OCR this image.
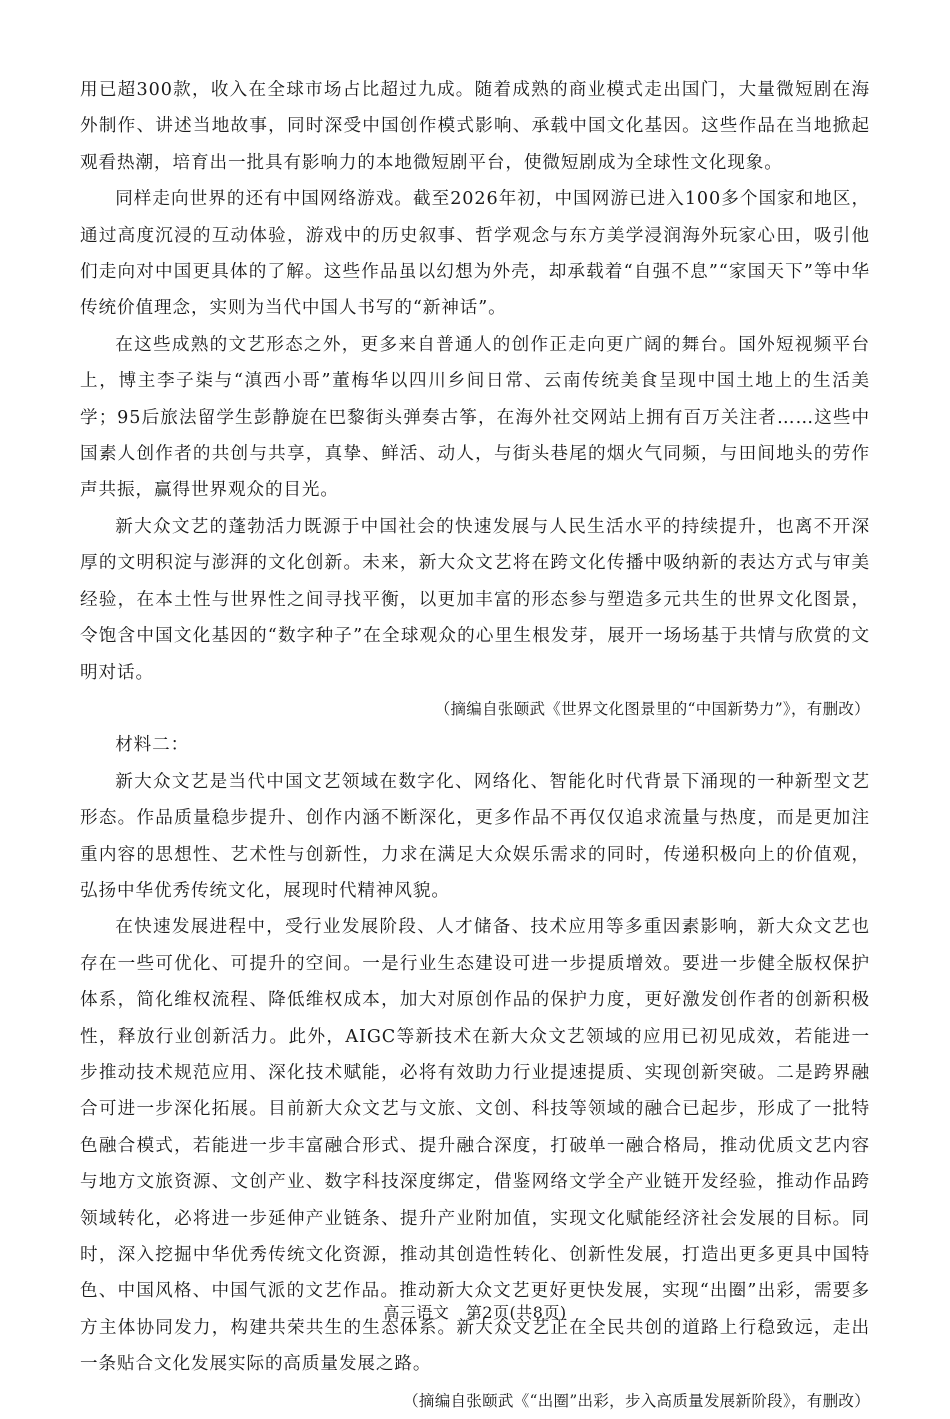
用已超300款，收入在全球市场占比超过九成。随着成熟的商业模式走出国门，大量微短剧在海外制作、讲述当地故事，同时深受中国创作模式影响、承载中国文化基因。这些作品在当地掀起观看热潮，培育出一批具有影响力的本地微短剧平台，使微短剧成为全球性文化现象。

同样走向世界的还有中国网络游戏。截至2026年初，中国网游已进入100多个国家和地区，通过高度沉浸的互动体验，游戏中的历史叙事、哲学观念与东方美学浸润海外玩家心田，吸引他们走向对中国更具体的了解。这些作品虽以幻想为外壳，却承载着“自强不息”“家国天下”等中华传统价值理念，实则为当代中国人书写的“新神话”。

在这些成熟的文艺形态之外，更多来自普通人的创作正走向更广阔的舞台。国外短视频平台上，博主李子柒与“滇西小哥”董梅华以四川乡间日常、云南传统美食呈现中国土地上的生活美学；95后旅法留学生彭静旋在巴黎街头弹奏古筝，在海外社交网站上拥有百万关注者……这些中国素人创作者的共创与共享，真挚、鲜活、动人，与街头巷尾的烟火气同频，与田间地头的劳作声共振，赢得世界观众的目光。

新大众文艺的蓬勃活力既源于中国社会的快速发展与人民生活水平的持续提升，也离不开深厚的文明积淀与澎湃的文化创新。未来，新大众文艺将在跨文化传播中吸纳新的表达方式与审美经验，在本土性与世界性之间寻找平衡，以更加丰富的形态参与塑造多元共生的世界文化图景，令饱含中国文化基因的“数字种子”在全球观众的心里生根发芽，展开一场场基于共情与欣赏的文明对话。

（摘编自张颐武《世界文化图景里的“中国新势力”》，有删改）

材料二：

新大众文艺是当代中国文艺领域在数字化、网络化、智能化时代背景下涌现的一种新型文艺形态。作品质量稳步提升、创作内涵不断深化，更多作品不再仅仅追求流量与热度，而是更加注重内容的思想性、艺术性与创新性，力求在满足大众娱乐需求的同时，传递积极向上的价值观，弘扬中华优秀传统文化，展现时代精神风貌。

在快速发展进程中，受行业发展阶段、人才储备、技术应用等多重因素影响，新大众文艺也存在一些可优化、可提升的空间。一是行业生态建设可进一步提质增效。要进一步健全版权保护体系，简化维权流程、降低维权成本，加大对原创作品的保护力度，更好激发创作者的创新积极性，释放行业创新活力。此外，AIGC等新技术在新大众文艺领域的应用已初见成效，若能进一步推动技术规范应用、深化技术赋能，必将有效助力行业提速提质、实现创新突破。二是跨界融合可进一步深化拓展。目前新大众文艺与文旅、文创、科技等领域的融合已起步，形成了一批特色融合模式，若能进一步丰富融合形式、提升融合深度，打破单一融合格局，推动优质文艺内容与地方文旅资源、文创产业、数字科技深度绑定，借鉴网络文学全产业链开发经验，推动作品跨领域转化，必将进一步延伸产业链条、提升产业附加值，实现文化赋能经济社会发展的目标。同时，深入挖掘中华优秀传统文化资源，推动其创造性转化、创新性发展，打造出更多更具中国特色、中国风格、中国气派的文艺作品。推动新大众文艺更好更快发展，实现“出圈”出彩，需要多方主体协同发力，构建共荣共生的生态体系。新大众文艺正在全民共创的道路上行稳致远，走出一条贴合文化发展实际的高质量发展之路。

（摘编自张颐武《“出圈”出彩，步入高质量发展新阶段》，有删改）

高三语文　第2页(共8页)
